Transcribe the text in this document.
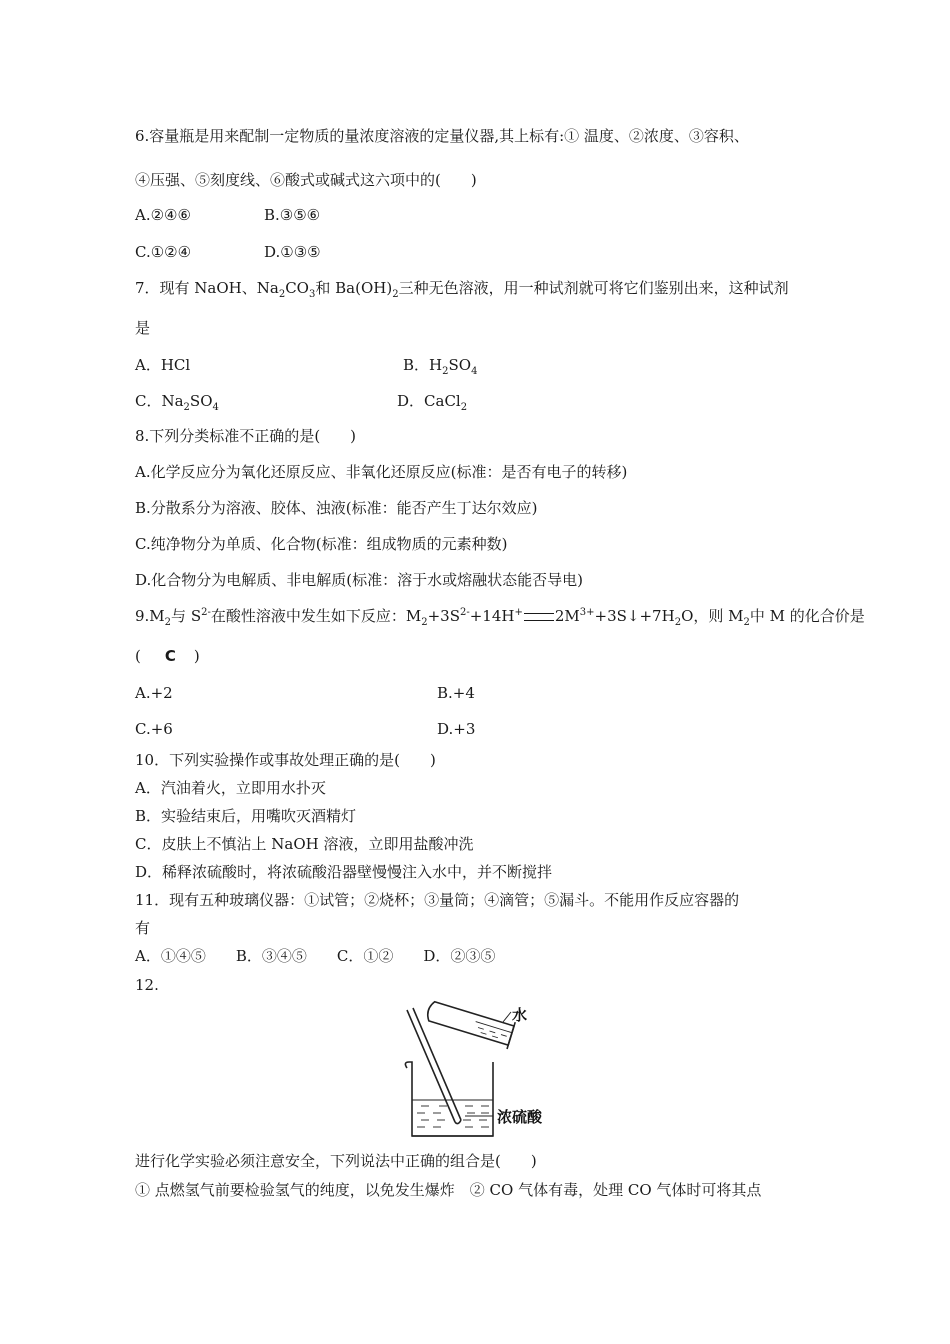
6.容量瓶是用来配制一定物质的量浓度溶液的定量仪器,其上标有:① 温度、②浓度、③容积、
④压强、⑤刻度线、⑥酸式或碱式这六项中的(　　)
A.②④⑥	B.③⑤⑥
C.①②④	D.①③⑤
7．现有 NaOH、$Na_2CO_3$和 $Ba(OH)_2$三种无色溶液，用一种试剂就可将它们鉴别出来，这种试剂
是
A．HCl	B．$H_2SO_4$
C．$Na_2SO_4$	D．CaCl$_2$
8.下列分类标准不正确的是(　　)
A.化学反应分为氧化还原反应、非氧化还原反应(标准：是否有电子的转移)
B.分散系分为溶液、胶体、浊液(标准：能否产生丁达尔效应)
C.纯净物分为单质、化合物(标准：组成物质的元素种数)
D.化合物分为电解质、非电解质(标准：溶于水或熔融状态能否导电)
$9.M_2$与 $S^{2-}$在酸性溶液中发生如下反应：$M_2+3S^{2-}+14H^+$ $2M^{3+}+3S↓+7H_2O$，则 $M_2$中 M 的化合价是
( C )
A.+2	B.+4
C.+6	D.+3
10．下列实验操作或事故处理正确的是(　　)
A．汽油着火，立即用水扑灭
B．实验结束后，用嘴吹灭酒精灯
C．皮肤上不慎沾上 NaOH 溶液，立即用盐酸冲洗
D．稀释浓硫酸时，将浓硫酸沿器壁慢慢注入水中，并不断搅拌
11．现有五种玻璃仪器：①试管；②烧杯；③量筒；④滴管；⑤漏斗。不能用作反应容器的
有
A．①④⑤　　B．③④⑤　　C．①②　　D．②③⑤
12.
水
浓硫酸
进行化学实验必须注意安全，下列说法中正确的组合是(　　)
① 点燃氢气前要检验氢气的纯度，以免发生爆炸　② CO 气体有毒，处理 CO 气体时可将其点
